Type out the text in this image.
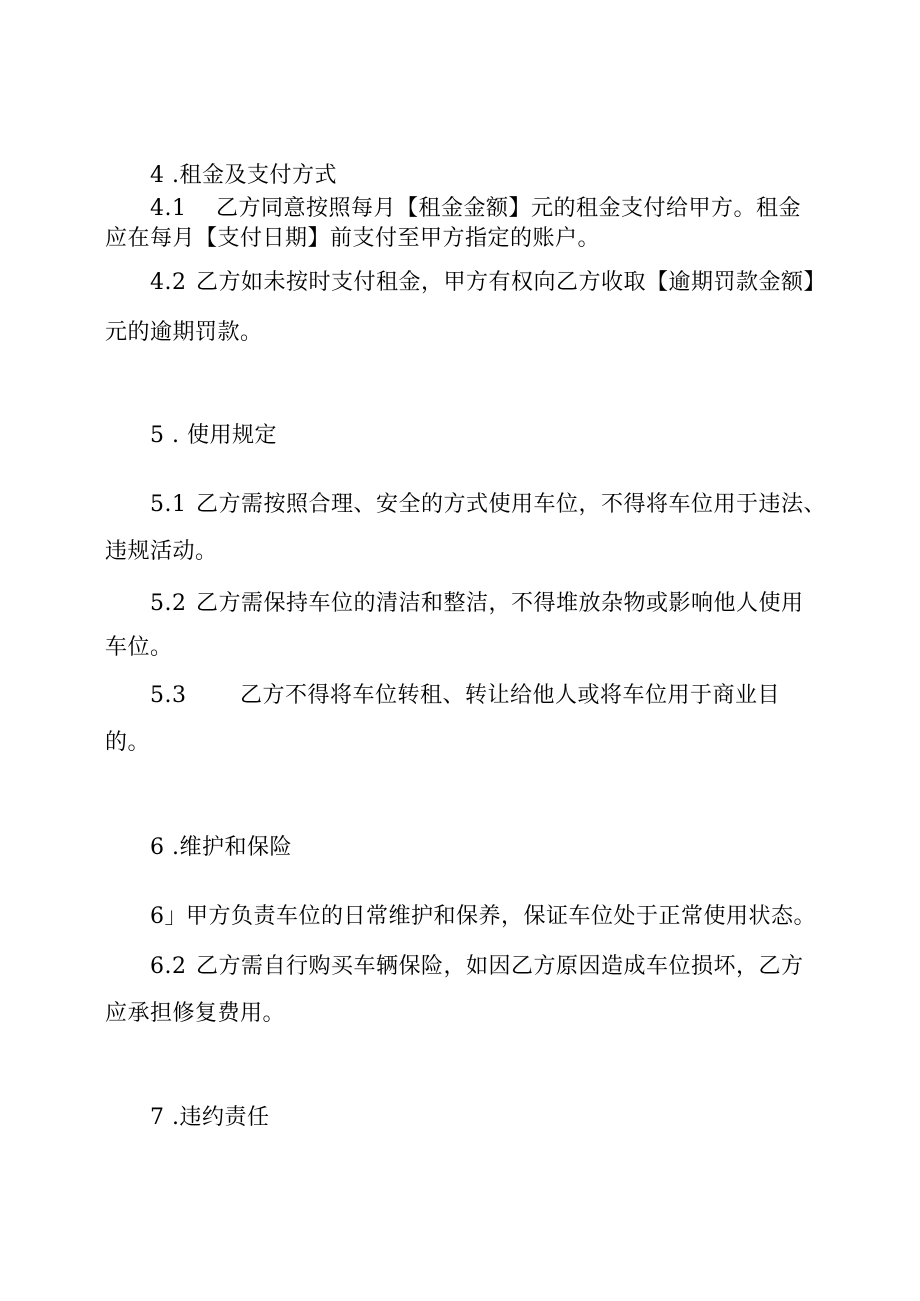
4 .租金及支付方式

4.1 乙方同意按照每月【租金金额】元的租金支付给甲方。租金

应在每月【支付日期】前支付至甲方指定的账户。

4.2 乙方如未按时支付租金，甲方有权向乙方收取【逾期罚款金额】

元的逾期罚款。

5 . 使用规定

5.1 乙方需按照合理、安全的方式使用车位，不得将车位用于违法、

违规活动。

5.2 乙方需保持车位的清洁和整洁，不得堆放杂物或影响他人使用

车位。

5.3 乙方不得将车位转租、转让给他人或将车位用于商业目

的。

6 .维护和保险

6」甲方负责车位的日常维护和保养，保证车位处于正常使用状态。

6.2 乙方需自行购买车辆保险，如因乙方原因造成车位损坏，乙方

应承担修复费用。

7 .违约责任
